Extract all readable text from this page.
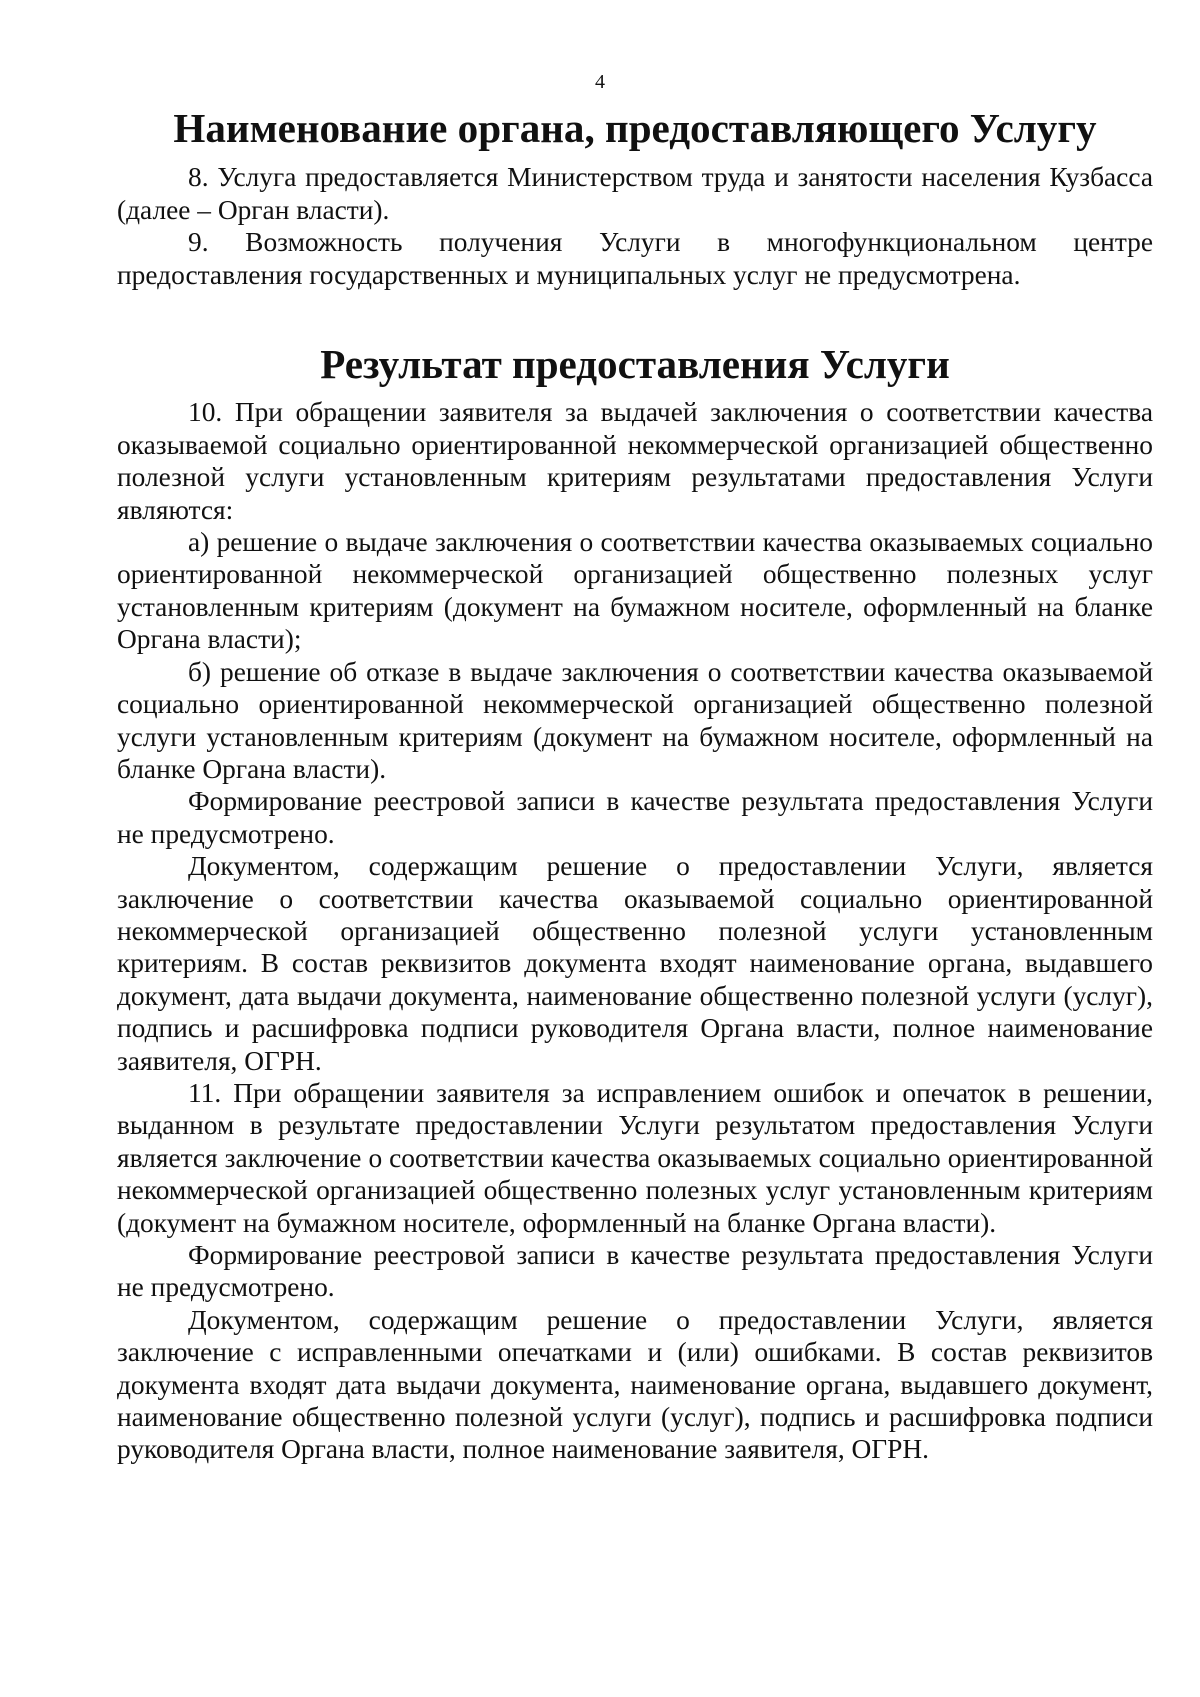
4
Наименование органа, предоставляющего Услугу

8. Услуга предоставляется Министерством труда и занятости населения Кузбасса (далее – Орган власти).

9. Возможность получения Услуги в многофункциональном центре предоставления государственных и муниципальных услуг не предусмотрена.

Результат предоставления Услуги

10. При обращении заявителя за выдачей заключения о соответствии качества оказываемой социально ориентированной некоммерческой организацией общественно полезной услуги установленным критериям результатами предоставления Услуги являются:

а) решение о выдаче заключения о соответствии качества оказываемых социально ориентированной некоммерческой организацией общественно полезных услуг установленным критериям (документ на бумажном носителе, оформленный на бланке Органа власти);

б) решение об отказе в выдаче заключения о соответствии качества оказываемой социально ориентированной некоммерческой организацией общественно полезной услуги установленным критериям (документ на бумажном носителе, оформленный на бланке Органа власти).

Формирование реестровой записи в качестве результата предоставления Услуги не предусмотрено.

Документом, содержащим решение о предоставлении Услуги, является заключение о соответствии качества оказываемой социально ориентированной некоммерческой организацией общественно полезной услуги установленным критериям. В состав реквизитов документа входят наименование органа, выдавшего документ, дата выдачи документа, наименование общественно полезной услуги (услуг), подпись и расшифровка подписи руководителя Органа власти, полное наименование заявителя, ОГРН.

11. При обращении заявителя за исправлением ошибок и опечаток в решении, выданном в результате предоставлении Услуги результатом предоставления Услуги является заключение о соответствии качества оказываемых социально ориентированной некоммерческой организацией общественно полезных услуг установленным критериям (документ на бумажном носителе, оформленный на бланке Органа власти).

Формирование реестровой записи в качестве результата предоставления Услуги не предусмотрено.

Документом, содержащим решение о предоставлении Услуги, является заключение с исправленными опечатками и (или) ошибками. В состав реквизитов документа входят дата выдачи документа, наименование органа, выдавшего документ, наименование общественно полезной услуги (услуг), подпись и расшифровка подписи руководителя Органа власти, полное наименование заявителя, ОГРН.
